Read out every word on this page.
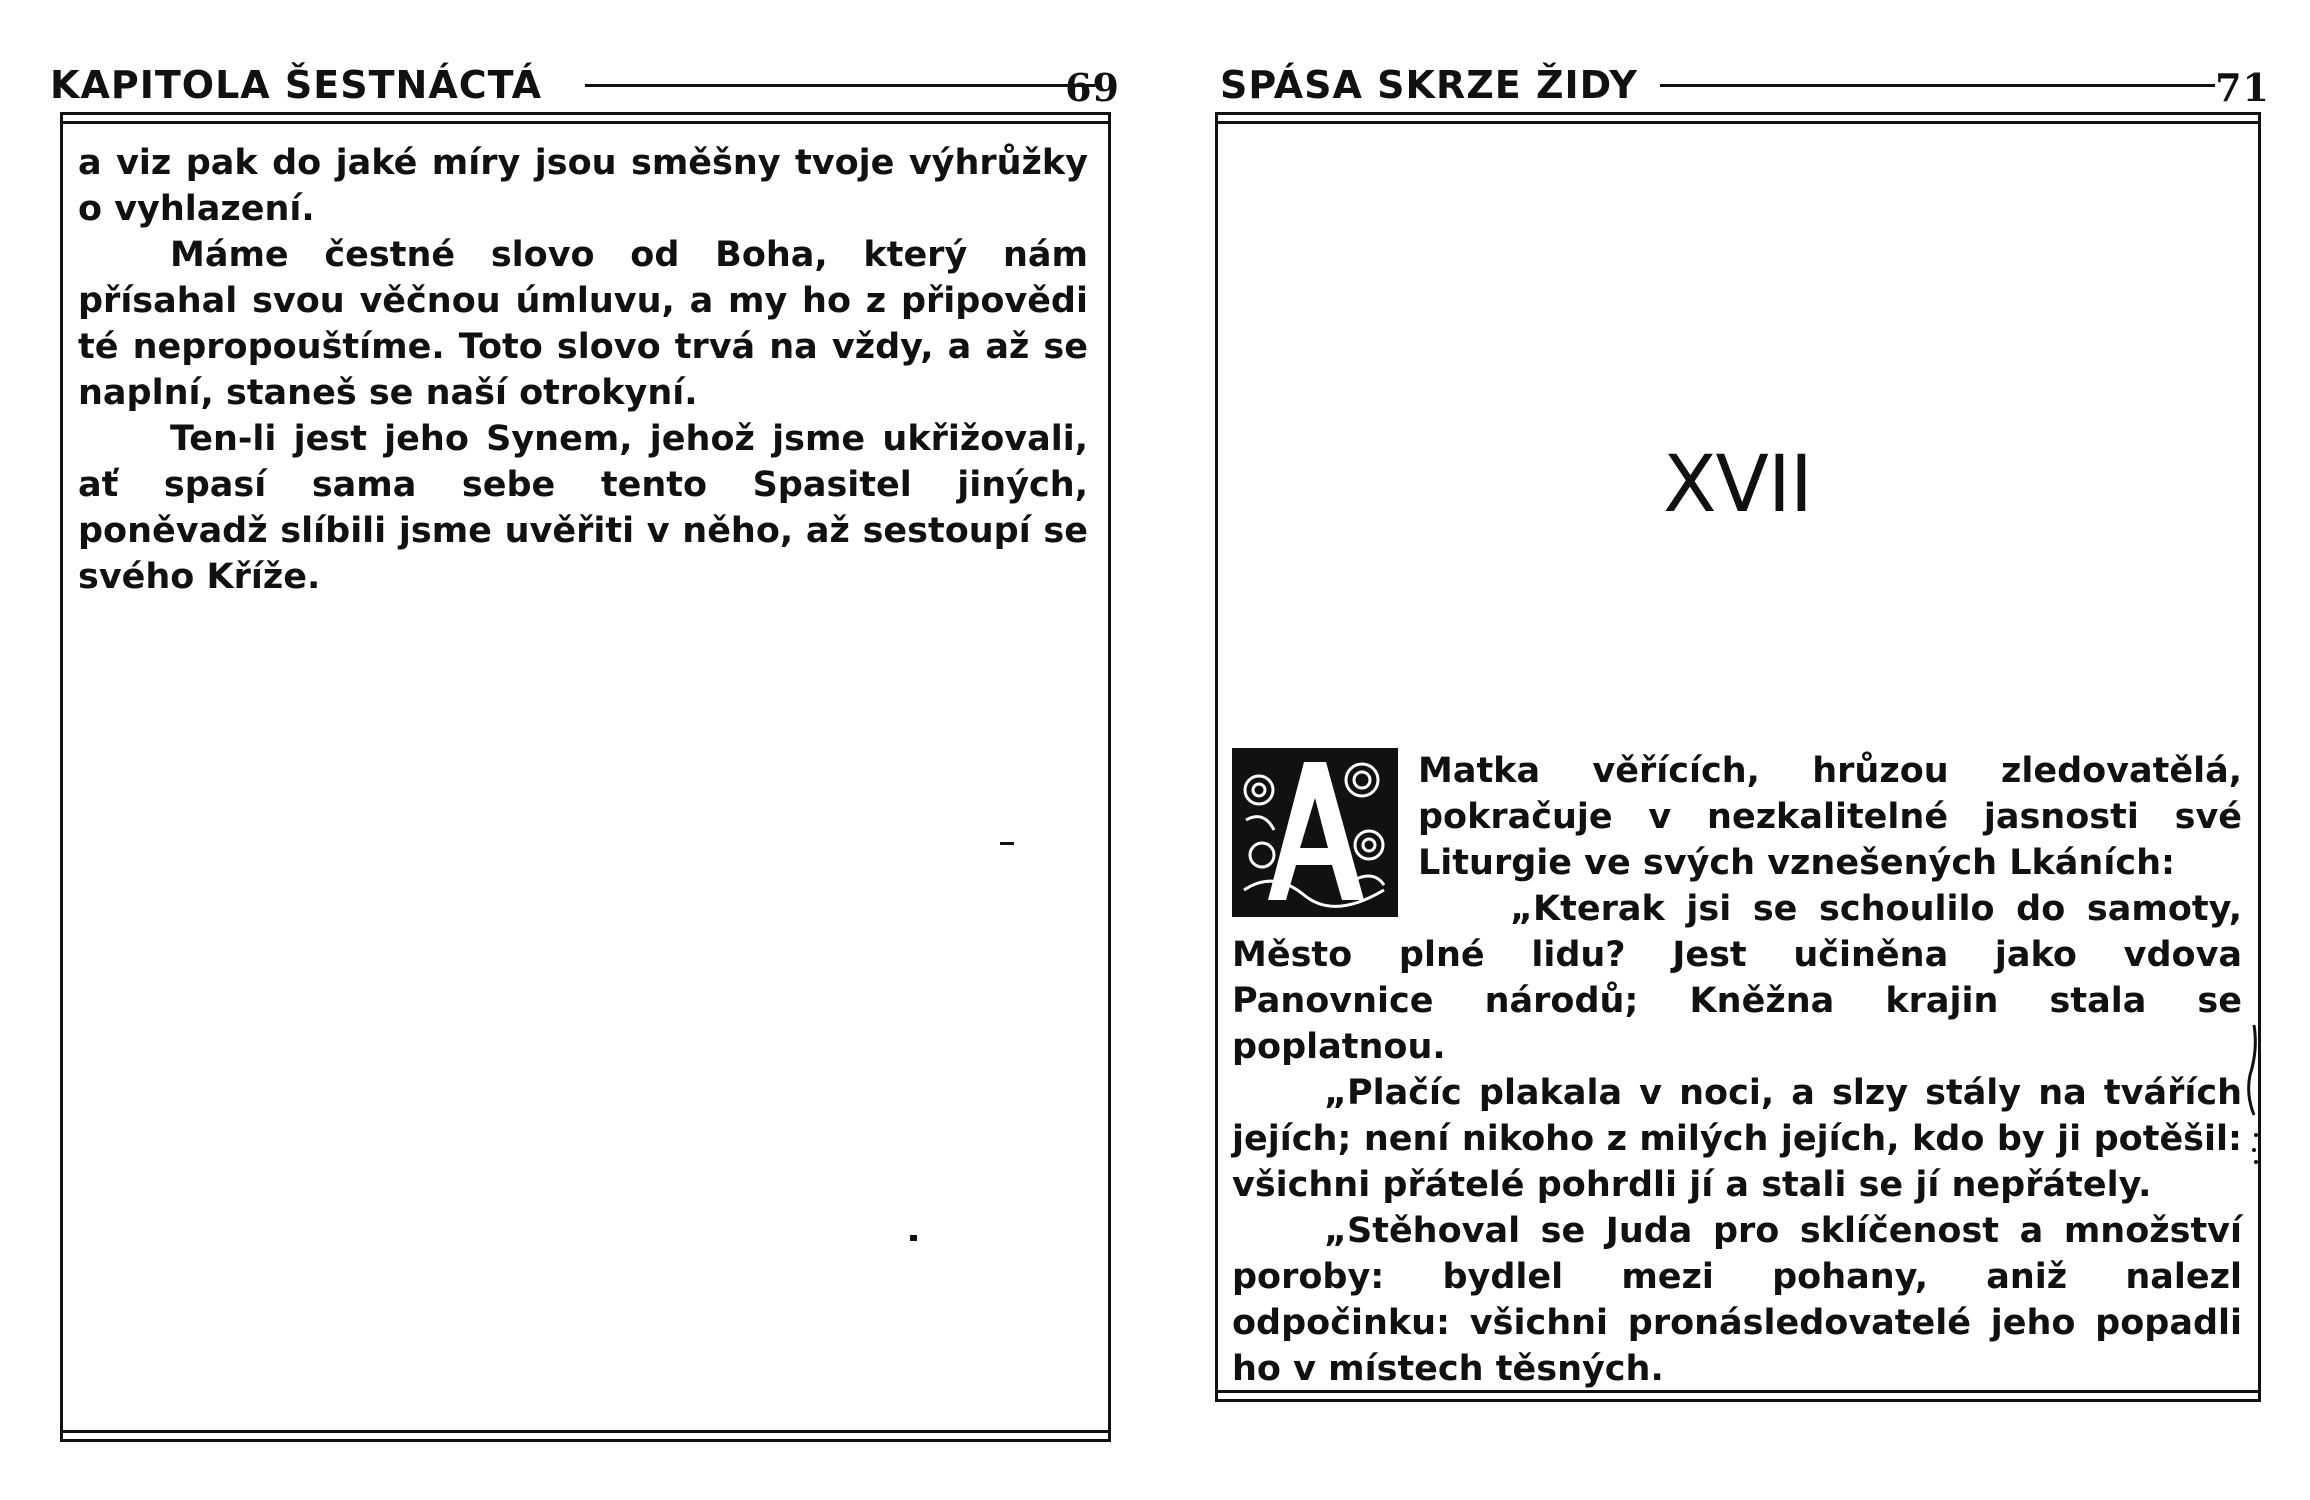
KAPITOLA ŠESTNÁCTÁ	69

a viz pak do jaké míry jsou směšny tvoje výhrůžky o vyhlazení.

Máme čestné slovo od Boha, který nám přísahal svou věčnou úmluvu, a my ho z připovědi té nepropouštíme. Toto slovo trvá na vždy, a až se naplní, staneš se naší otrokyní.

Ten-li jest jeho Synem, jehož jsme ukřižovali, ať spasí sama sebe tento Spasitel jiných, poněvadž slíbili jsme uvěřiti v něho, až sestoupí se svého Kříže.

SPÁSA SKRZE ŽIDY	71
XVII

Matka věřících, hrůzou zledovatělá, pokračuje v nezkalitelné jasnosti své Liturgie ve svých vznešených Lkáních:

„Kterak jsi se schoulilo do samoty, Město plné lidu? Jest učiněna jako vdova Panovnice národů; Kněžna krajin stala se poplatnou.

„Plačíc plakala v noci, a slzy stály na tvářích jejích; není nikoho z milých jejích, kdo by ji potěšil: všichni přátelé pohrdli jí a stali se jí nepřátely.

„Stěhoval se Juda pro sklíčenost a množství poroby: bydlel mezi pohany, aniž nalezl odpočinku: všichni pronásledovatelé jeho popadli ho v místech těsných.
